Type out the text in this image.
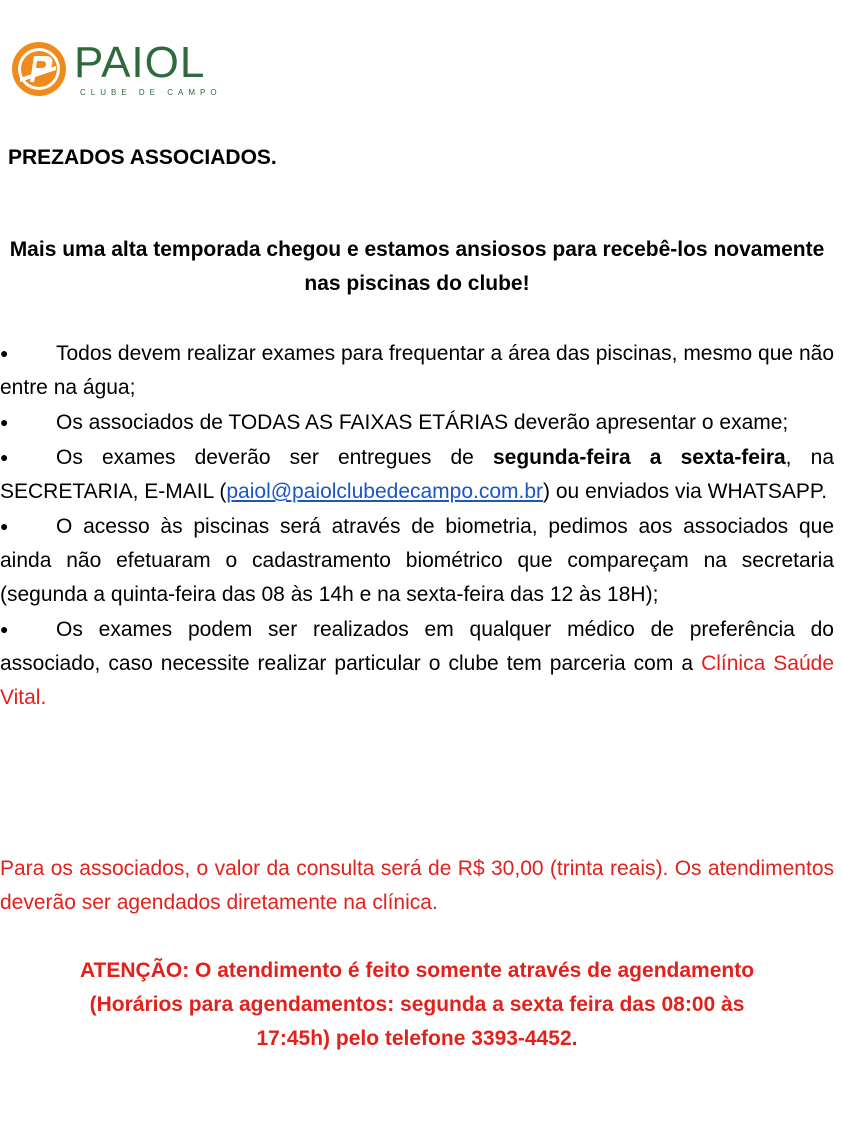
PAIOL
CLUBE DE CAMPO

PREZADOS ASSOCIADOS.

Mais uma alta temporada chegou e estamos ansiosos para recebê-los novamente nas piscinas do clube!

● Todos devem realizar exames para frequentar a área das piscinas, mesmo que não entre na água;
● Os associados de TODAS AS FAIXAS ETÁRIAS deverão apresentar o exame;
● Os exames deverão ser entregues de segunda-feira a sexta-feira, na SECRETARIA, E-MAIL (paiol@paiolclubedecampo.com.br) ou enviados via WHATSAPP.
● O acesso às piscinas será através de biometria, pedimos aos associados que ainda não efetuaram o cadastramento biométrico que compareçam na secretaria (segunda a quinta-feira das 08 às 14h e na sexta-feira das 12 às 18H);
● Os exames podem ser realizados em qualquer médico de preferência do associado, caso necessite realizar particular o clube tem parceria com a Clínica Saúde Vital.

Para os associados, o valor da consulta será de R$ 30,00 (trinta reais). Os atendimentos deverão ser agendados diretamente na clínica.

ATENÇÃO: O atendimento é feito somente através de agendamento
(Horários para agendamentos: segunda a sexta feira das 08:00 às
17:45h) pelo telefone 3393-4452.
